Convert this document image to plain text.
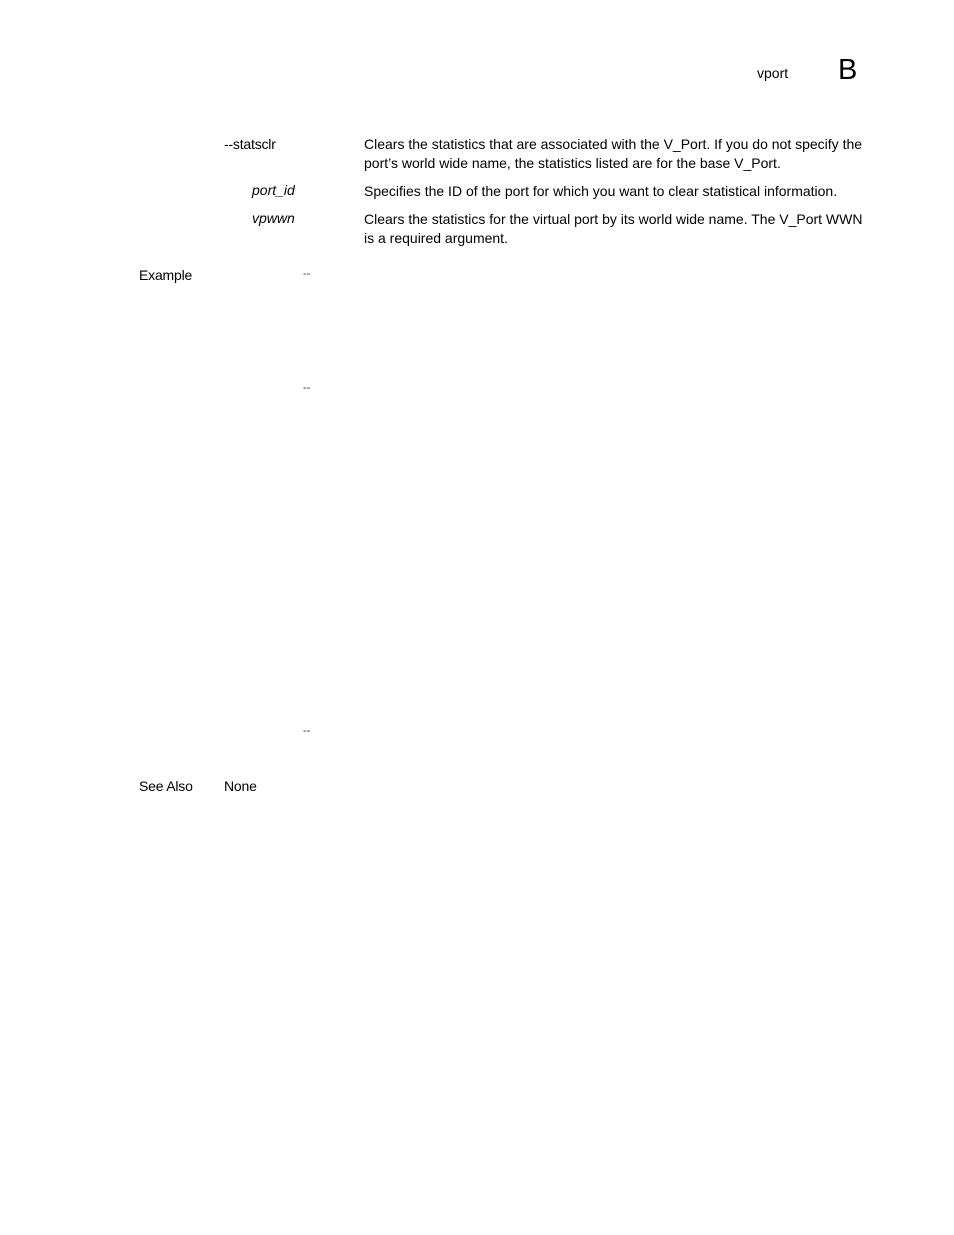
vport B
--statsclr	Clears the statistics that are associated with the V_Port. If you do not specify the port’s world wide name, the statistics listed are for the base V_Port.
port_id	Specifies the ID of the port for which you want to clear statistical information.
vpwwn	Clears the statistics for the virtual port by its world wide name. The V_Port WWN is a required argument.
Example	--
--
--
See Also None
